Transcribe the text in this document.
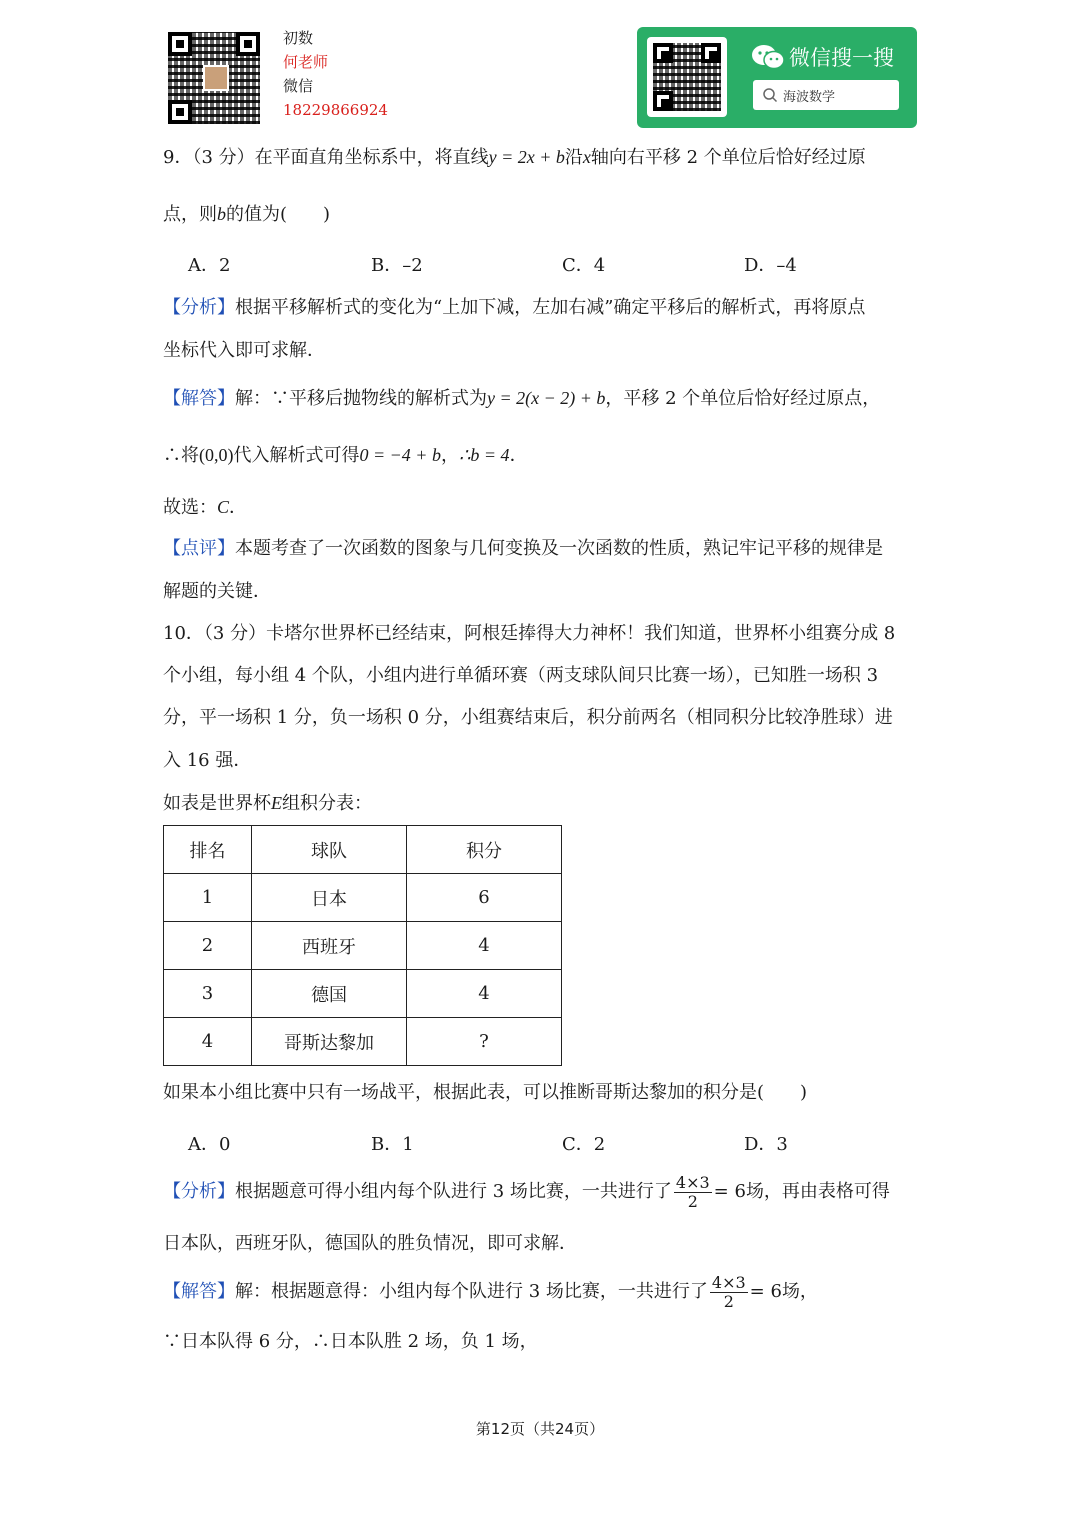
初数
何老师
微信
18229866924
微信搜一搜
海波数学
9．（3 分）在平面直角坐标系中，将直线y = 2x + b沿x轴向右平移 2 个单位后恰好经过原
点，则b的值为(　　)
A．2	B．–2	C．4	D．–4
【分析】根据平移解析式的变化为“上加下减，左加右减”确定平移后的解析式，再将原点
坐标代入即可求解．
【解答】解：∵平移后抛物线的解析式为y = 2(x − 2) + b，平移 2 个单位后恰好经过原点，
∴将(0,0)代入解析式可得0 = −4 + b，∴b = 4．
故选：C．
【点评】本题考查了一次函数的图象与几何变换及一次函数的性质，熟记牢记平移的规律是
解题的关键．
10．（3 分）卡塔尔世界杯已经结束，阿根廷捧得大力神杯！我们知道，世界杯小组赛分成 8
个小组，每小组 4 个队，小组内进行单循环赛（两支球队间只比赛一场），已知胜一场积 3
分，平一场积 1 分，负一场积 0 分，小组赛结束后，积分前两名（相同积分比较净胜球）进
入 16 强．
如表是世界杯E组积分表：
排名	球队	积分
1	日本	6
2	西班牙	4
3	德国	4
4	哥斯达黎加	?
如果本小组比赛中只有一场战平，根据此表，可以推断哥斯达黎加的积分是(　　)
A．0	B．1	C．2	D．3
【分析】根据题意可得小组内每个队进行 3 场比赛，一共进行了 $\frac{4\times 3}{2} = 6$场，再由表格可得
日本队，西班牙队，德国队的胜负情况，即可求解．
【解答】解：根据题意得：小组内每个队进行 3 场比赛，一共进行了 $\frac{4\times 3}{2} = 6$场，
∵日本队得 6 分，∴日本队胜 2 场，负 1 场，
第12页（共24页）
